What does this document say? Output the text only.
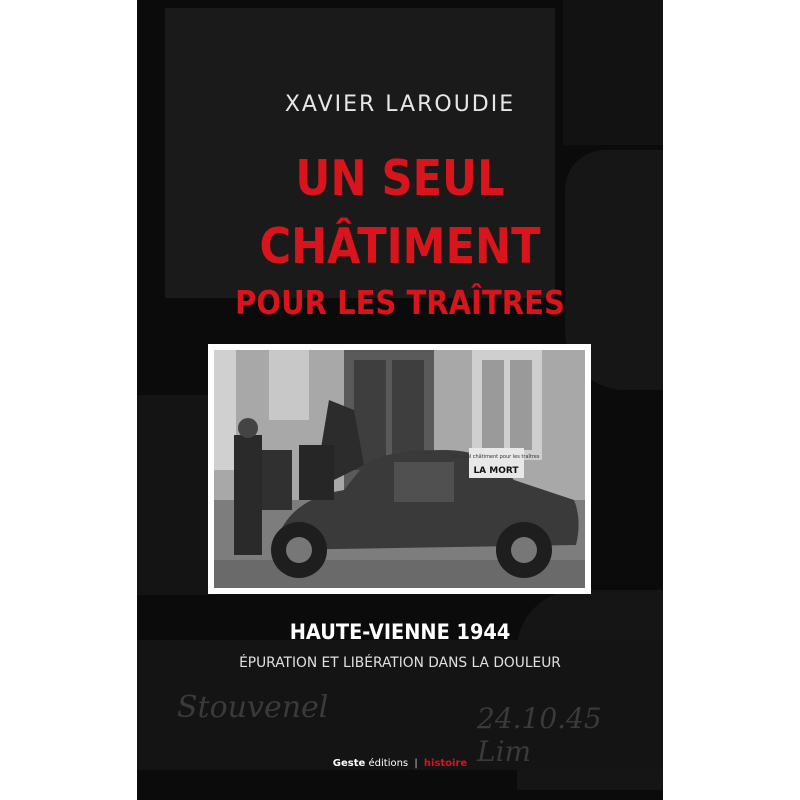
XAVIER LAROUDIE
UN SEUL
CHÂTIMENT
POUR LES TRAÎTRES
Un seul châtiment pour les traîtres
LA MORT
HAUTE-VIENNE 1944
ÉPURATION ET LIBÉRATION DANS LA DOULEUR
Stouvenel	24.10.45 Lim
Geste éditions | histoire
